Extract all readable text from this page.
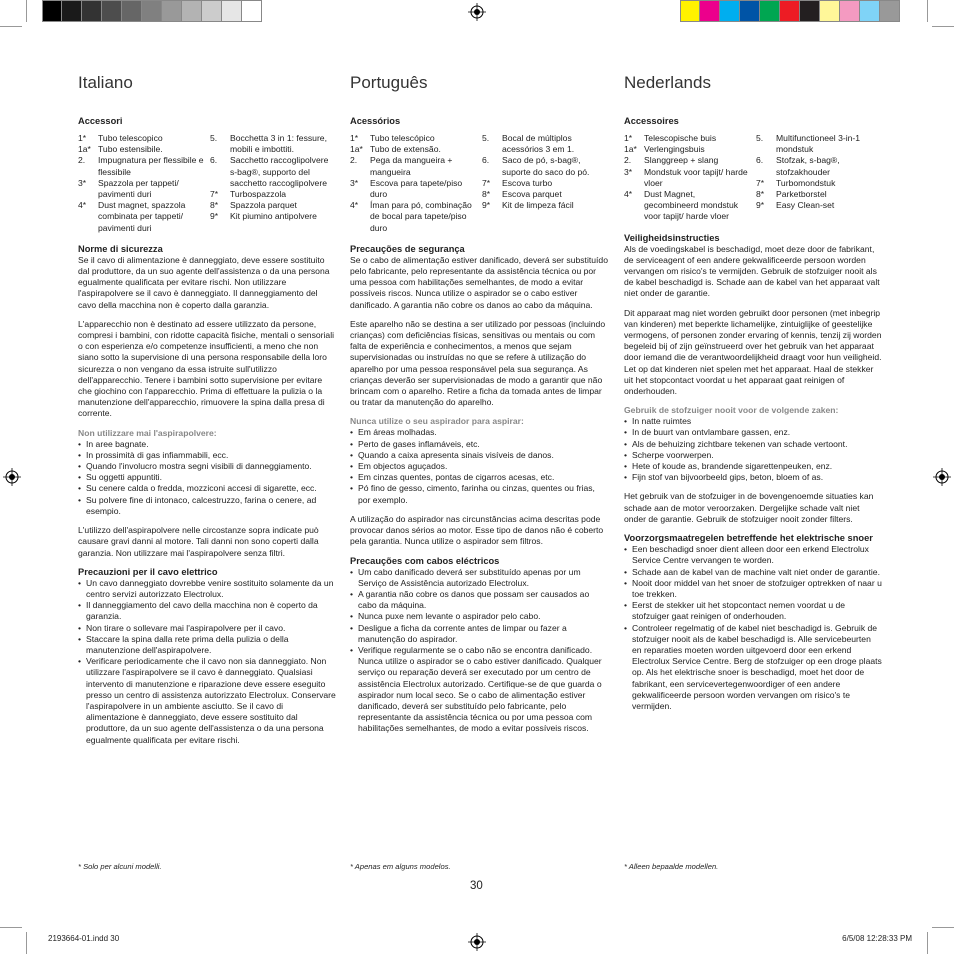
Italiano
Accessori
1*	Tubo telescopico
1a* Tubo estensibile.
2.	Impugnatura per flessibile e flessibile
3*	Spazzola per tappeti/ pavimenti duri
4*	Dust magnet, spazzola combinata per tappeti/ pavimenti duri
5.	Bocchetta 3 in 1: fessure, mobili e imbottiti.
6.	Sacchetto raccoglipolvere s-bag®, supporto del sacchetto raccoglipolvere
7*	Turbospazzola
8*	Spazzola parquet
9*	Kit piumino antipolvere
Norme di sicurezza

Se il cavo di alimentazione è danneggiato, deve essere sostituito dal produttore, da un suo agente dell'assistenza o da una persona egualmente qualificata per evitare rischi. Non utilizzare l'aspirapolvere se il cavo è danneggiato. Il danneggiamento del cavo della macchina non è coperto dalla garanzia.

L'apparecchio non è destinato ad essere utilizzato da persone, compresi i bambini, con ridotte capacità fisiche, mentali o sensoriali o con esperienza e/o competenze insufficienti, a meno che non siano sotto la supervisione di una persona responsabile della loro sicurezza o non vengano da essa istruite sull'utilizzo dell'apparecchio. Tenere i bambini sotto supervisione per evitare che giochino con l'apparecchio. Prima di effettuare la pulizia o la manutenzione dell'apparecchio, rimuovere la spina dalla presa di corrente.

Non utilizzare mai l'aspirapolvere:
• In aree bagnate.
• In prossimità di gas infiammabili, ecc.
• Quando l'involucro mostra segni visibili di danneggiamento.
• Su oggetti appuntiti.
• Su cenere calda o fredda, mozziconi accesi di sigarette, ecc.
• Su polvere fine di intonaco, calcestruzzo, farina o cenere, ad esempio.

L'utilizzo dell'aspirapolvere nelle circostanze sopra indicate può causare gravi danni al motore. Tali danni non sono coperti dalla garanzia. Non utilizzare mai l'aspirapolvere senza filtri.

Precauzioni per il cavo elettrico
• Un cavo danneggiato dovrebbe venire sostituito solamente da un centro servizi autorizzato Electrolux.
• Il danneggiamento del cavo della macchina non è coperto da garanzia.
• Non tirare o sollevare mai l'aspirapolvere per il cavo.
• Staccare la spina dalla rete prima della pulizia o della manutenzione dell'aspirapolvere.
• Verificare periodicamente che il cavo non sia danneggiato. Non utilizzare l'aspirapolvere se il cavo è danneggiato. Qualsiasi intervento di manutenzione e riparazione deve essere eseguito presso un centro di assistenza autorizzato Electrolux. Conservare l'aspirapolvere in un ambiente asciutto. Se il cavo di alimentazione è danneggiato, deve essere sostituito dal produttore, da un suo agente dell'assistenza o da una persona egualmente qualificata per evitare rischi.
Português
Acessórios
1*	Tubo telescópico
1a* Tubo de extensão.
2.	Pega da mangueira + mangueira
3*	Escova para tapete/piso duro
4*	Íman para pó, combinação de bocal para tapete/piso duro
5.	Bocal de múltiplos acessórios 3 em 1.
6.	Saco de pó, s-bag®, suporte do saco do pó.
7*	Escova turbo
8*	Escova parquet
9*	Kit de limpeza fácil
Precauções de segurança

Se o cabo de alimentação estiver danificado, deverá ser substituído pelo fabricante, pelo representante da assistência técnica ou por uma pessoa com habilitações semelhantes, de modo a evitar possíveis riscos. Nunca utilize o aspirador se o cabo estiver danificado. A garantia não cobre os danos ao cabo da máquina.

Este aparelho não se destina a ser utilizado por pessoas (incluindo crianças) com deficiências físicas, sensitivas ou mentais ou com falta de experiência e conhecimentos, a menos que sejam supervisionadas ou instruídas no que se refere à utilização do aparelho por uma pessoa responsável pela sua segurança. As crianças deverão ser supervisionadas de modo a garantir que não brincam com o aparelho. Retire a ficha da tomada antes de limpar ou tratar da manutenção do aparelho.

Nunca utilize o seu aspirador para aspirar:
• Em áreas molhadas.
• Perto de gases inflamáveis, etc.
• Quando a caixa apresenta sinais visíveis de danos.
• Em objectos aguçados.
• Em cinzas quentes, pontas de cigarros acesas, etc.
• Pó fino de gesso, cimento, farinha ou cinzas, quentes ou frias, por exemplo.

A utilização do aspirador nas circunstâncias acima descritas pode provocar danos sérios ao motor. Esse tipo de danos não é coberto pela garantia. Nunca utilize o aspirador sem filtros.

Precauções com cabos eléctricos
• Um cabo danificado deverá ser substituído apenas por um Serviço de Assistência autorizado Electrolux.
• A garantia não cobre os danos que possam ser causados ao cabo da máquina.
• Nunca puxe nem levante o aspirador pelo cabo.
• Desligue a ficha da corrente antes de limpar ou fazer a manutenção do aspirador.
• Verifique regularmente se o cabo não se encontra danificado. Nunca utilize o aspirador se o cabo estiver danificado. Qualquer serviço ou reparação deverá ser executado por um centro de assistência Electrolux autorizado. Certifique-se de que guarda o aspirador num local seco. Se o cabo de alimentação estiver danificado, deverá ser substituído pelo fabricante, pelo representante da assistência técnica ou por uma pessoa com habilitações semelhantes, de modo a evitar possíveis riscos.
Nederlands
Accessoires
1*	Telescopische buis
1a* Verlengingsbuis
2.	Slanggreep + slang
3*	Mondstuk voor tapijt/ harde vloer
4*	Dust Magnet, gecombineerd mondstuk voor tapijt/ harde vloer
5.	Multifunctioneel 3-in-1 mondstuk
6.	Stofzak, s-bag®, stofzakhouder
7*	Turbomondstuk
8*	Parketborstel
9*	Easy Clean-set
Veiligheidsinstructies

Als de voedingskabel is beschadigd, moet deze door de fabrikant, de serviceagent of een andere gekwalificeerde persoon worden vervangen om risico's te vermijden. Gebruik de stofzuiger nooit als de kabel beschadigd is. Schade aan de kabel van het apparaat valt niet onder de garantie.

Dit apparaat mag niet worden gebruikt door personen (met inbegrip van kinderen) met beperkte lichamelijke, zintuiglijke of geestelijke vermogens, of personen zonder ervaring of kennis, tenzij zij worden begeleid bij of zijn geïnstrueerd over het gebruik van het apparaat door iemand die de verantwoordelijkheid draagt voor hun veiligheid. Let op dat kinderen niet spelen met het apparaat. Haal de stekker uit het stopcontact voordat u het apparaat gaat reinigen of onderhouden.

Gebruik de stofzuiger nooit voor de volgende zaken:
• In natte ruimtes
• In de buurt van ontvlambare gassen, enz.
• Als de behuizing zichtbare tekenen van schade vertoont.
• Scherpe voorwerpen.
• Hete of koude as, brandende sigarettenpeuken, enz.
• Fijn stof van bijvoorbeeld gips, beton, bloem of as.

Het gebruik van de stofzuiger in de bovengenoemde situaties kan schade aan de motor veroorzaken. Dergelijke schade valt niet onder de garantie. Gebruik de stofzuiger nooit zonder filters.

Voorzorgsmaatregelen betreffende het elektrische snoer
• Een beschadigd snoer dient alleen door een erkend Electrolux Service Centre vervangen te worden.
• Schade aan de kabel van de machine valt niet onder de garantie.
• Nooit door middel van het snoer de stofzuiger optrekken of naar u toe trekken.
• Eerst de stekker uit het stopcontact nemen voordat u de stofzuiger gaat reinigen of onderhouden.
• Controleer regelmatig of de kabel niet beschadigd is. Gebruik de stofzuiger nooit als de kabel beschadigd is. Alle servicebeurten en reparaties moeten worden uitgevoerd door een erkend Electrolux Service Centre. Berg de stofzuiger op een droge plaats op. Als het elektrische snoer is beschadigd, moet het door de fabrikant, een servicevertegenwoordiger of een andere gekwalificeerde persoon worden vervangen om risico's te vermijden.
* Solo per alcuni modelli.	* Apenas em alguns modelos.	* Alleen bepaalde modellen.
30
2193664-01.indd 30	6/5/08 12:28:33 PM
